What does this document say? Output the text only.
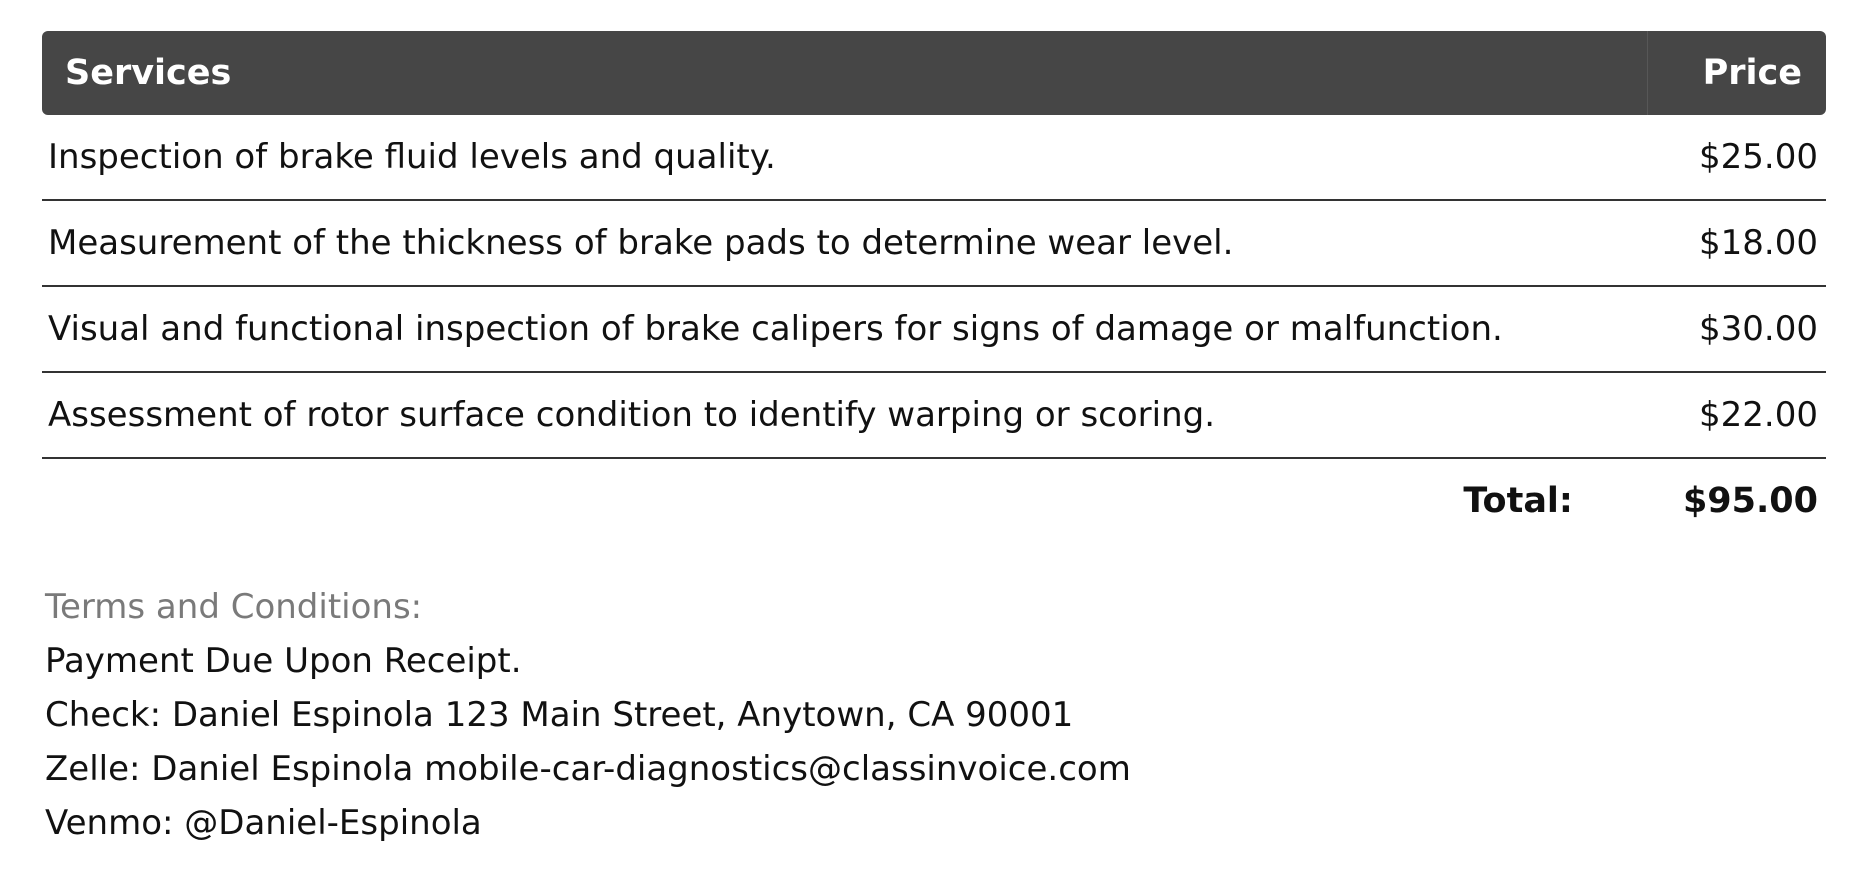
Services	Price
Inspection of brake fluid levels and quality.	$25.00
Measurement of the thickness of brake pads to determine wear level.	$18.00
Visual and functional inspection of brake calipers for signs of damage or malfunction.	$30.00
Assessment of rotor surface condition to identify warping or scoring.	$22.00
Total:	$95.00
Terms and Conditions:
Payment Due Upon Receipt.
Check: Daniel Espinola 123 Main Street, Anytown, CA 90001
Zelle: Daniel Espinola mobile-car-diagnostics@classinvoice.com
Venmo: @Daniel-Espinola
